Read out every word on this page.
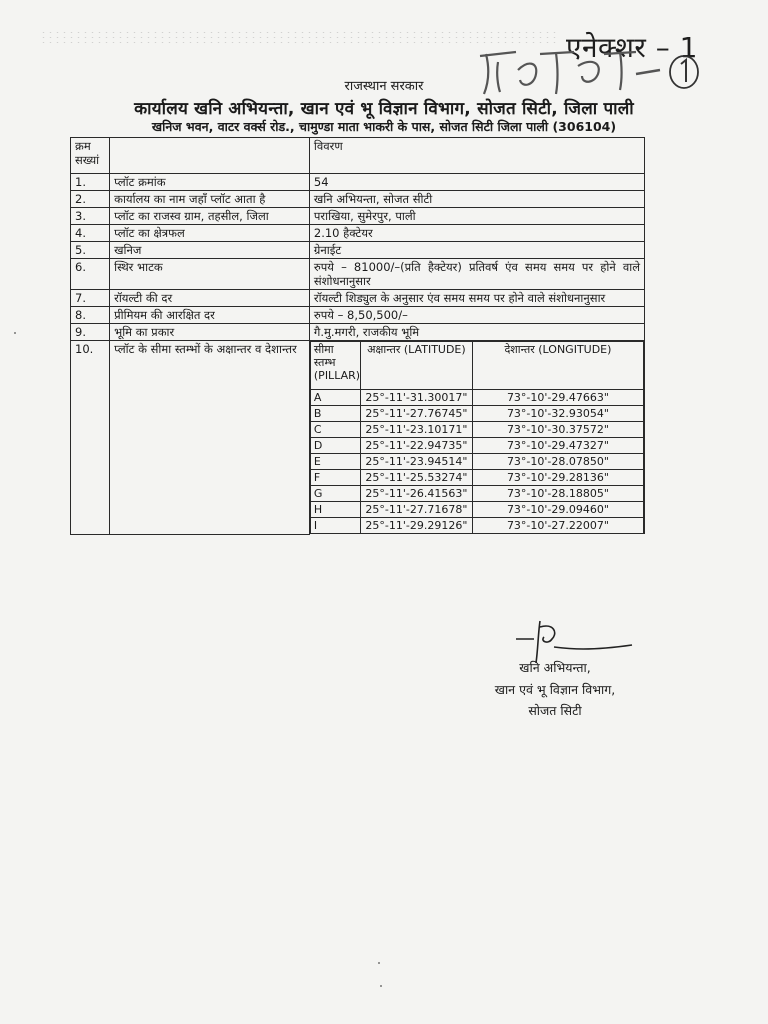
एनेक्शर – 1
राजस्थान सरकार
कार्यालय खनि अभियन्ता, खान एवं भू विज्ञान विभाग, सोजत सिटी, जिला पाली
खनिज भवन, वाटर वर्क्स रोड., चामुण्डा माता भाकरी के पास, सोजत सिटी जिला पाली (306104)
क्रम सख्यां		विवरण
1.	प्लॉट क्रमांक	54
2.	कार्यालय का नाम जहाँ प्लॉट आता है	खनि अभियन्ता, सोजत सीटी
3.	प्लॉट का राजस्व ग्राम, तहसील, जिला	पराखिया, सुमेरपुर, पाली
4.	प्लॉट का क्षेत्रफल	2.10 हैक्टेयर
5.	खनिज	ग्रेनाईट
6.	स्थिर भाटक	रुपये – 81000/–(प्रति हैक्टेयर) प्रतिवर्ष एंव समय समय पर होने वाले संशोधनानुसार
7.	रॉयल्टी की दर	रॉयल्टी शिड्युल के अनुसार एंव समय समय पर होने वाले संशोधनानुसार
8.	प्रीमियम की आरक्षित दर	रुपये – 8,50,500/–
9.	भूमि का प्रकार	गै.मु.मगरी, राजकीय भूमि
10.	प्लॉट के सीमा स्तम्भों के अक्षान्तर व देशान्तर	सीमा स्तम्भ (PILLAR)	अक्षान्तर (LATITUDE)	देशान्तर (LONGITUDE)
A	25°-11'-31.30017"	73°-10'-29.47663"
B	25°-11'-27.76745"	73°-10'-32.93054"
C	25°-11'-23.10171"	73°-10'-30.37572"
D	25°-11'-22.94735"	73°-10'-29.47327"
E	25°-11'-23.94514"	73°-10'-28.07850"
F	25°-11'-25.53274"	73°-10'-29.28136"
G	25°-11'-26.41563"	73°-10'-28.18805"
H	25°-11'-27.71678"	73°-10'-29.09460"
I	25°-11'-29.29126"	73°-10'-27.22007"
खनि अभियन्ता,
खान एवं भू विज्ञान विभाग,
सोजत सिटी
